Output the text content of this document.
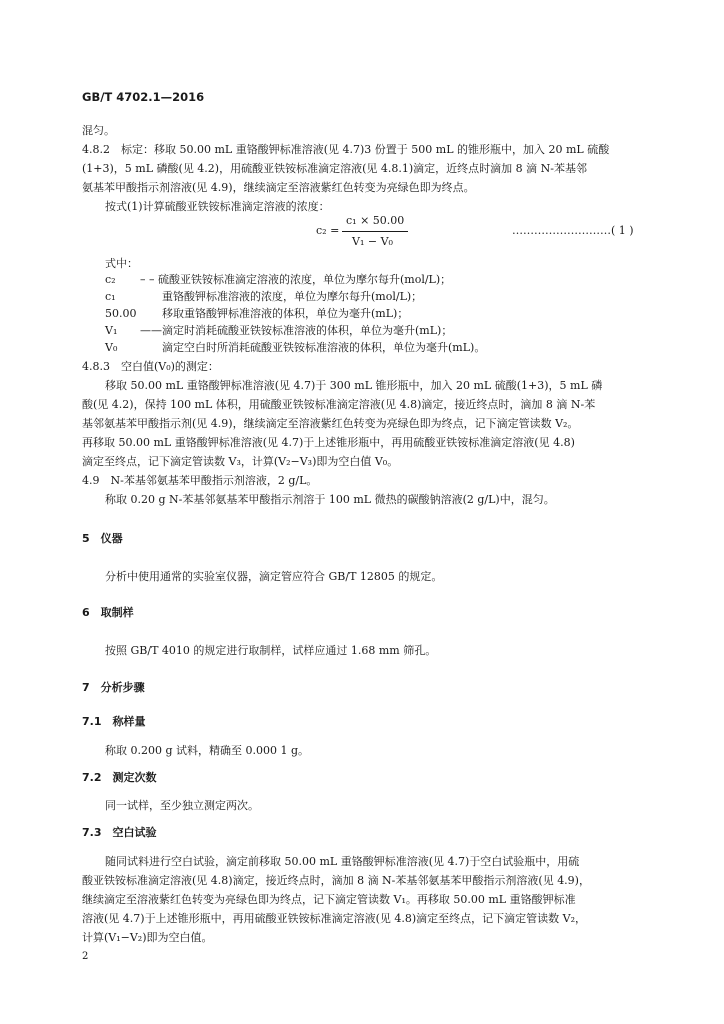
GB/T 4702.1—2016
混匀。
4.8.2　标定：移取 50.00 mL 重铬酸钾标准溶液(见 4.7)3 份置于 500 mL 的锥形瓶中，加入 20 mL 硫酸
(1+3)，5 mL 磷酸(见 4.2)，用硫酸亚铁铵标准滴定溶液(见 4.8.1)滴定，近终点时滴加 8 滴 N-苯基邻
氨基苯甲酸指示剂溶液(见 4.9)，继续滴定至溶液紫红色转变为亮绿色即为终点。
按式(1)计算硫酸亚铁铵标准滴定溶液的浓度：
c₂ =
c₁ × 50.00
V₁ − V₀
………………………( 1 )
式中：
c₂ – – 硫酸亚铁铵标准滴定溶液的浓度，单位为摩尔每升(mol/L)；
c₁ 　　重铬酸钾标准溶液的浓度，单位为摩尔每升(mol/L)；
50.00 　　移取重铬酸钾标准溶液的体积，单位为毫升(mL)；
V₁ ——滴定时消耗硫酸亚铁铵标准溶液的体积，单位为毫升(mL)；
V₀ 　　滴定空白时所消耗硫酸亚铁铵标准溶液的体积，单位为毫升(mL)。
4.8.3　空白值(V₀)的测定：
移取 50.00 mL 重铬酸钾标准溶液(见 4.7)于 300 mL 锥形瓶中，加入 20 mL 硫酸(1+3)，5 mL 磷
酸(见 4.2)，保持 100 mL 体积，用硫酸亚铁铵标准滴定溶液(见 4.8)滴定，接近终点时，滴加 8 滴 N-苯
基邻氨基苯甲酸指示剂(见 4.9)，继续滴定至溶液紫红色转变为亮绿色即为终点，记下滴定管读数 V₂。
再移取 50.00 mL 重铬酸钾标准溶液(见 4.7)于上述锥形瓶中，再用硫酸亚铁铵标准滴定溶液(见 4.8)
滴定至终点，记下滴定管读数 V₃，计算(V₂−V₃)即为空白值 V₀。
4.9　N-苯基邻氨基苯甲酸指示剂溶液，2 g/L。
称取 0.20 g N-苯基邻氨基苯甲酸指示剂溶于 100 mL 微热的碳酸钠溶液(2 g/L)中，混匀。
5　仪器
分析中使用通常的实验室仪器，滴定管应符合 GB/T 12805 的规定。
6　取制样
按照 GB/T 4010 的规定进行取制样，试样应通过 1.68 mm 筛孔。
7　分析步骤
7.1　称样量
称取 0.200 g 试料，精确至 0.000 1 g。
7.2　测定次数
同一试样，至少独立测定两次。
7.3　空白试验
随同试料进行空白试验，滴定前移取 50.00 mL 重铬酸钾标准溶液(见 4.7)于空白试验瓶中，用硫
酸亚铁铵标准滴定溶液(见 4.8)滴定，接近终点时，滴加 8 滴 N-苯基邻氨基苯甲酸指示剂溶液(见 4.9)，
继续滴定至溶液紫红色转变为亮绿色即为终点，记下滴定管读数 V₁。再移取 50.00 mL 重铬酸钾标准
溶液(见 4.7)于上述锥形瓶中，再用硫酸亚铁铵标准滴定溶液(见 4.8)滴定至终点，记下滴定管读数 V₂，
计算(V₁−V₂)即为空白值。
2
